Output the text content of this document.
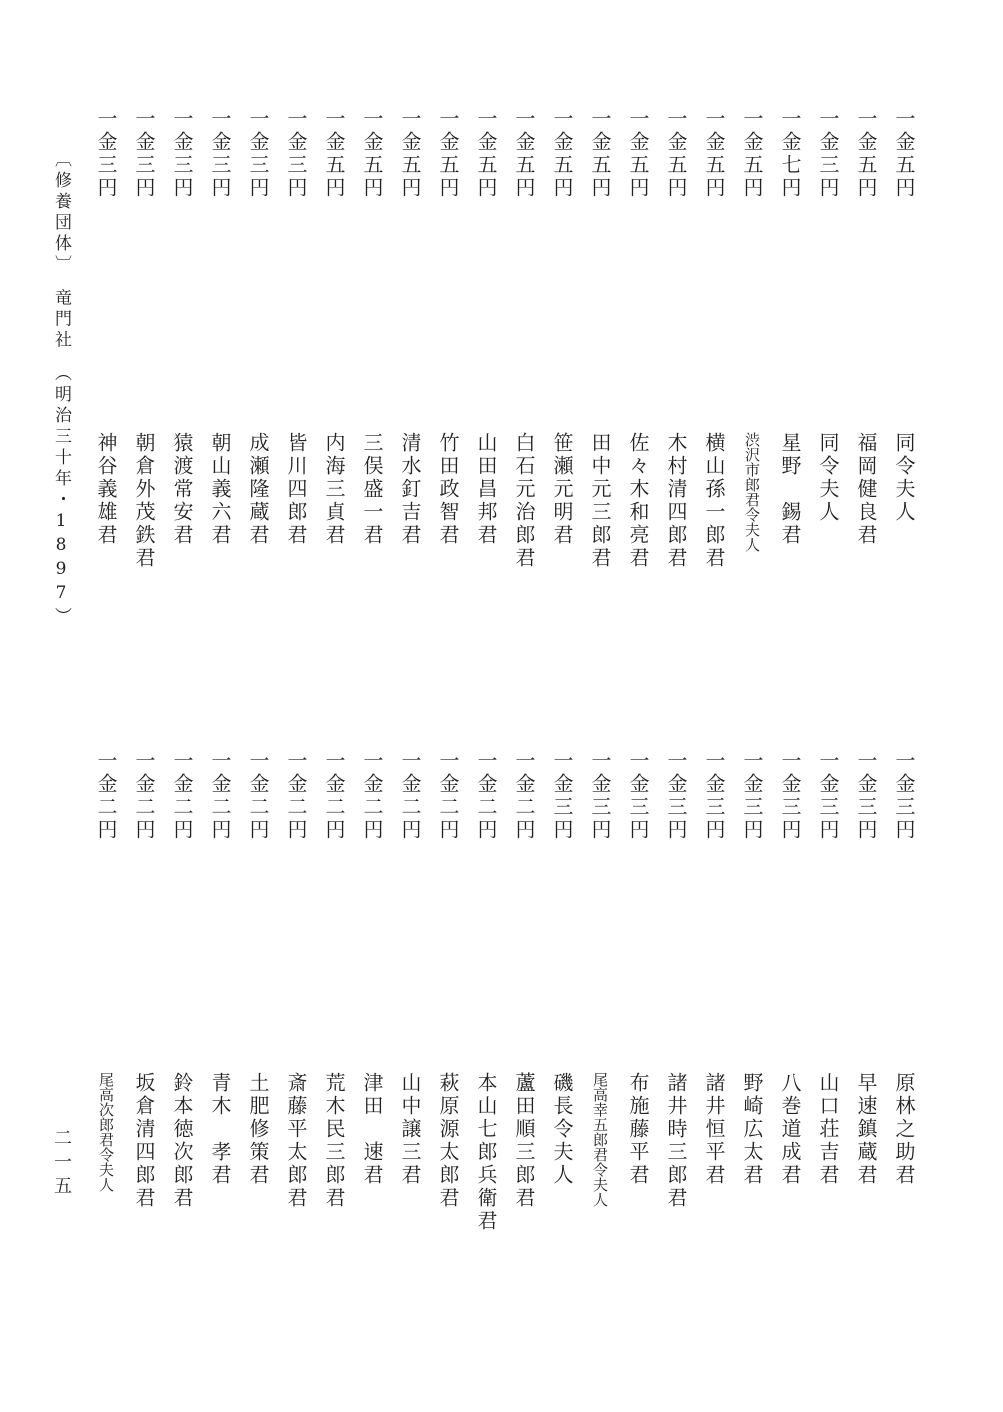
〔修養団体〕　竜門社　（明治三十年・1897）
二一五
一金五円
一金五円
一金三円
一金七円
一金五円
一金五円
一金五円
一金五円
一金五円
一金五円
一金五円
一金五円
一金五円
一金五円
一金五円
一金五円
一金三円
一金三円
一金三円
一金三円
一金三円
一金三円
同令夫人
福岡健良君
同令夫人
星野　錫君
渋沢市郎君令夫人
横山孫一郎君
木村清四郎君
佐々木和亮君
田中元三郎君
笹瀬元明君
白石元治郎君
山田昌邦君
竹田政智君
清水釘吉君
三俣盛一君
内海三貞君
皆川四郎君
成瀬隆蔵君
朝山義六君
猿渡常安君
朝倉外茂鉄君
神谷義雄君
一金三円
一金三円
一金三円
一金三円
一金三円
一金三円
一金三円
一金三円
一金三円
一金三円
一金二円
一金二円
一金二円
一金二円
一金二円
一金二円
一金二円
一金二円
一金二円
一金二円
一金二円
一金二円
原林之助君
早速鎮蔵君
山口荘吉君
八巻道成君
野崎広太君
諸井恒平君
諸井時三郎君
布施藤平君
尾高幸五郎君令夫人
磯長令夫人
蘆田順三郎君
本山七郎兵衛君
萩原源太郎君
山中譲三君
津田　速君
荒木民三郎君
斎藤平太郎君
土肥修策君
青木　孝君
鈴本徳次郎君
坂倉清四郎君
尾高次郎君令夫人
